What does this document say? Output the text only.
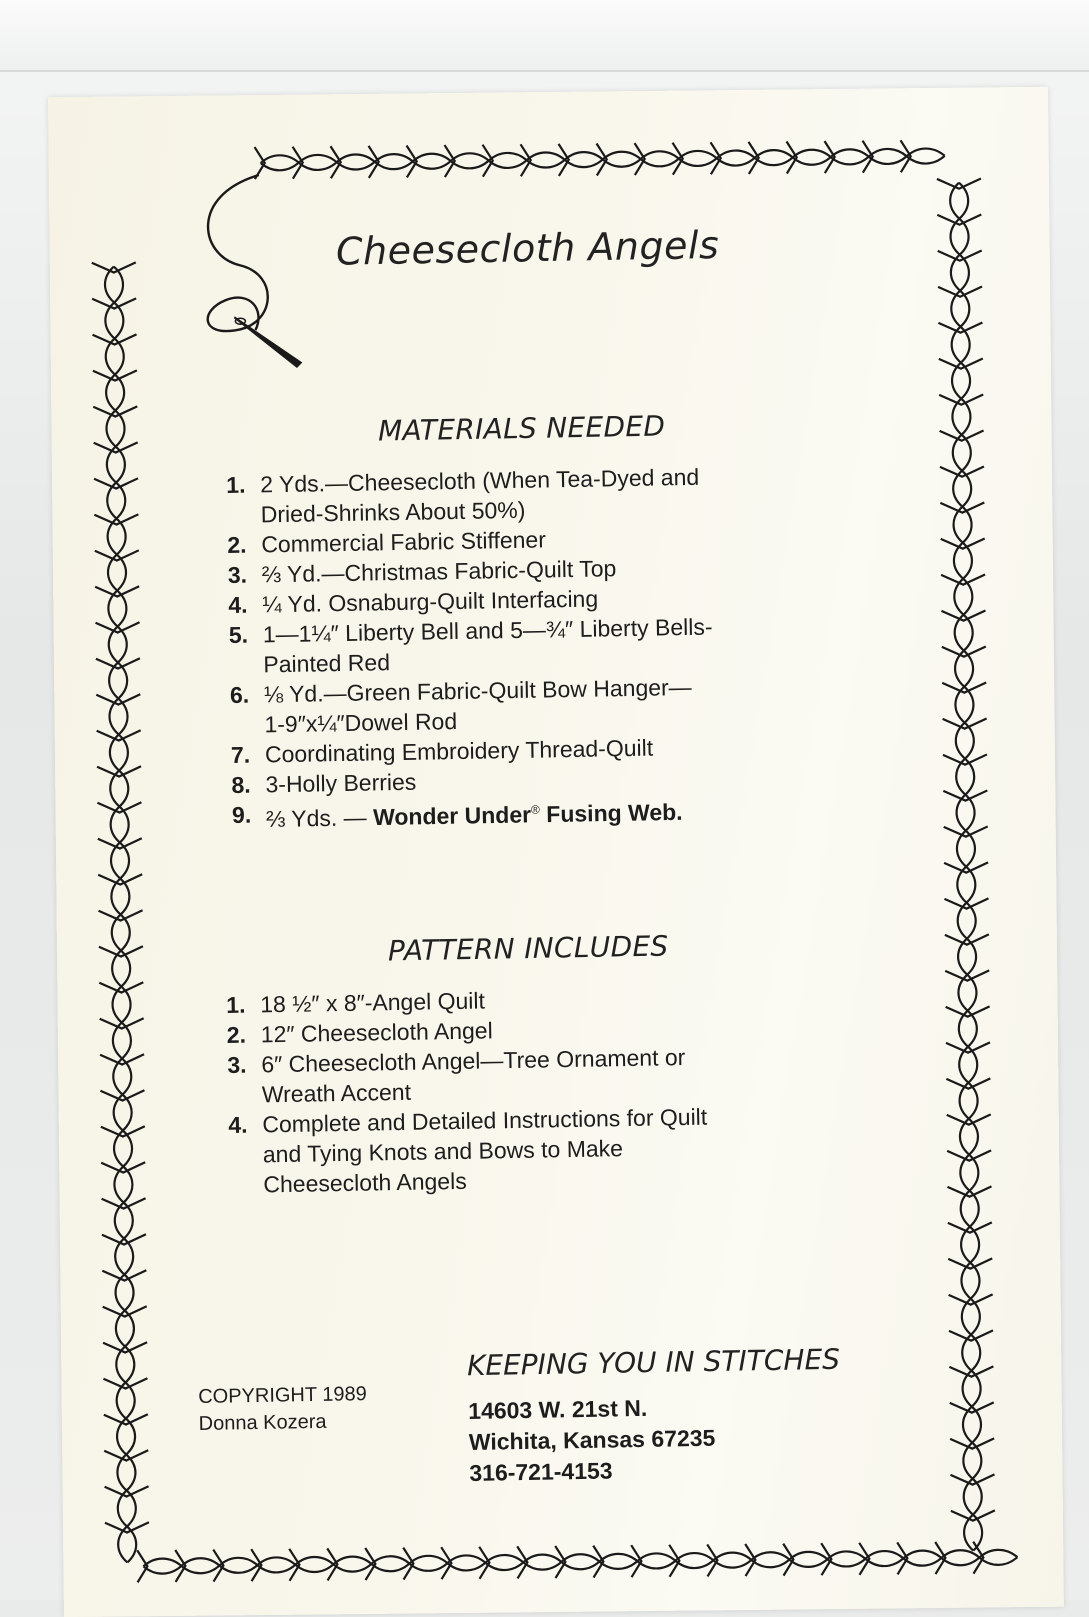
Cheesecloth Angels
MATERIALS NEEDED
1. 2 Yds.—Cheesecloth (When Tea-Dyed and
Dried-Shrinks About 50%)
2. Commercial Fabric Stiffener
3. ⅔ Yd.—Christmas Fabric-Quilt Top
4. ¼ Yd. Osnaburg-Quilt Interfacing
5. 1—1¼″ Liberty Bell and 5—¾″ Liberty Bells-
Painted Red
6. ⅛ Yd.—Green Fabric-Quilt Bow Hanger—
1-9″x¼″Dowel Rod
7. Coordinating Embroidery Thread-Quilt
8. 3-Holly Berries
9. ⅔ Yds. — Wonder Under® Fusing Web.
PATTERN INCLUDES
1. 18 ½″ x 8″-Angel Quilt
2. 12″ Cheesecloth Angel
3. 6″ Cheesecloth Angel—Tree Ornament or
Wreath Accent
4. Complete and Detailed Instructions for Quilt
and Tying Knots and Bows to Make
Cheesecloth Angels
COPYRIGHT 1989
Donna Kozera
KEEPING YOU IN STITCHES
14603 W. 21st N.
Wichita, Kansas 67235
316-721-4153
